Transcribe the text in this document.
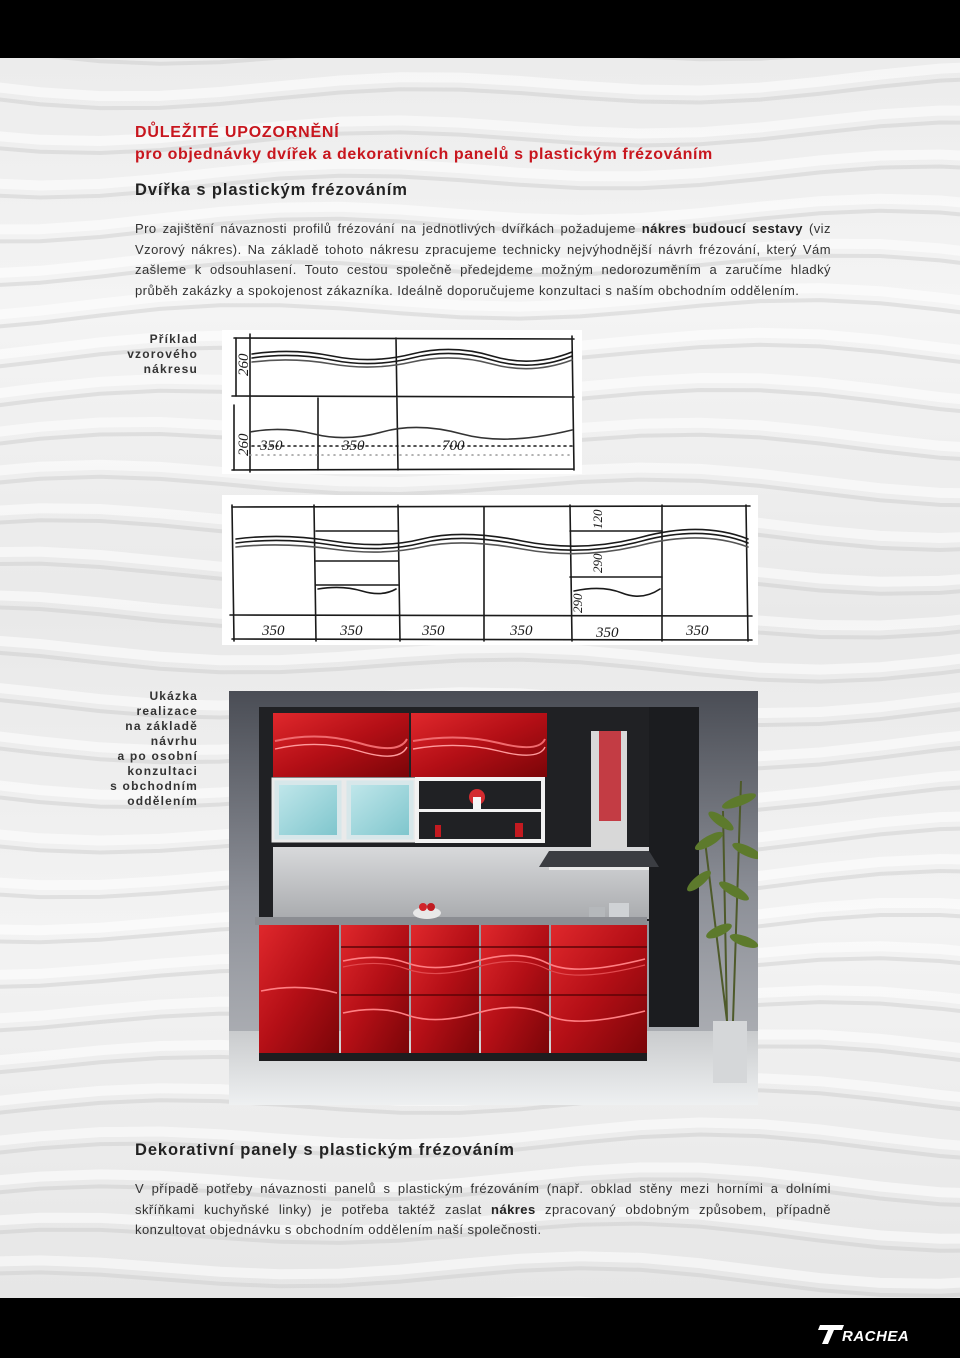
DŮLEŽITÉ UPOZORNĚNÍ

pro objednávky dvířek a dekorativních panelů s plastickým frézováním

Dvířka s plastickým frézováním

Pro zajištění návaznosti profilů frézování na jednotlivých dvířkách požadujeme nákres budoucí sestavy (viz Vzorový nákres). Na základě tohoto nákresu zpracujeme technicky nejvýhodnější návrh frézování, který Vám zašleme k odsouhlasení. Touto cestou společně předejdeme možným nedorozuměním a zaručíme hladký průběh zakázky a spokojenost zákazníka. Ideálně doporučujeme konzultaci s naším obchodním oddělením.

Příklad
vzorového
nákresu	260
260 350	350	700
350	350	350	350	350	350
120
290
290
Ukázka
realizace
na základě
návrhu
a po osobní
konzultaci
s obchodním
oddělením

Dekorativní panely s plastickým frézováním

V případě potřeby návaznosti panelů s plastickým frézováním (např. obklad stěny mezi horními a dolními skříňkami kuchyňské linky) je potřeba taktéž zaslat nákres zpracovaný obdobným způsobem, případně konzultovat objednávku s obchodním oddělením naší společnosti.

RACHEA
